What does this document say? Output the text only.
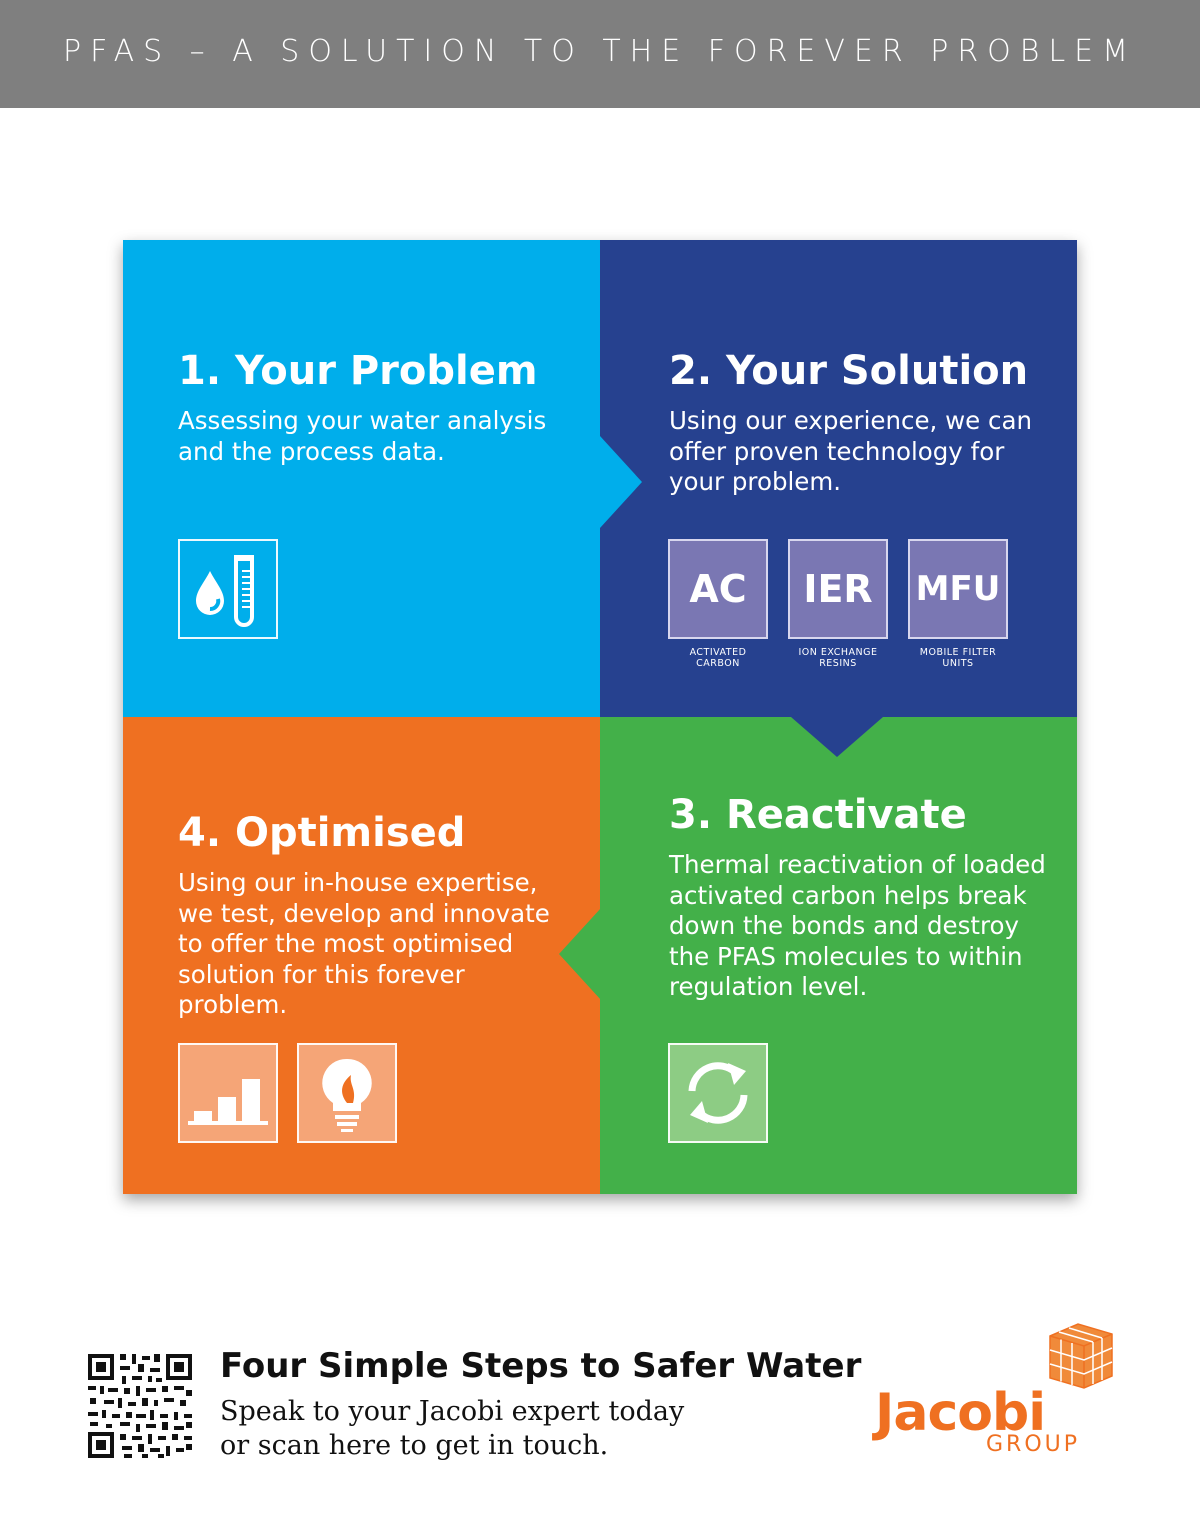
PFAS – A SOLUTION TO THE FOREVER PROBLEM
1. Your Problem
Assessing your water analysis
and the process data.
2. Your Solution
Using our experience, we can
offer proven technology for
your problem.
AC
ACTIVATED
CARBON
IER
ION EXCHANGE
RESINS
MFU
MOBILE FILTER
UNITS
3. Reactivate
Thermal reactivation of loaded
activated carbon helps break
down the bonds and destroy
the PFAS molecules to within
regulation level.
4. Optimised
Using our in-house expertise,
we test, develop and innovate
to offer the most optimised
solution for this forever
problem.
Four Simple Steps to Safer Water
Speak to your Jacobi expert today
or scan here to get in touch.
Jacobi
GROUP
